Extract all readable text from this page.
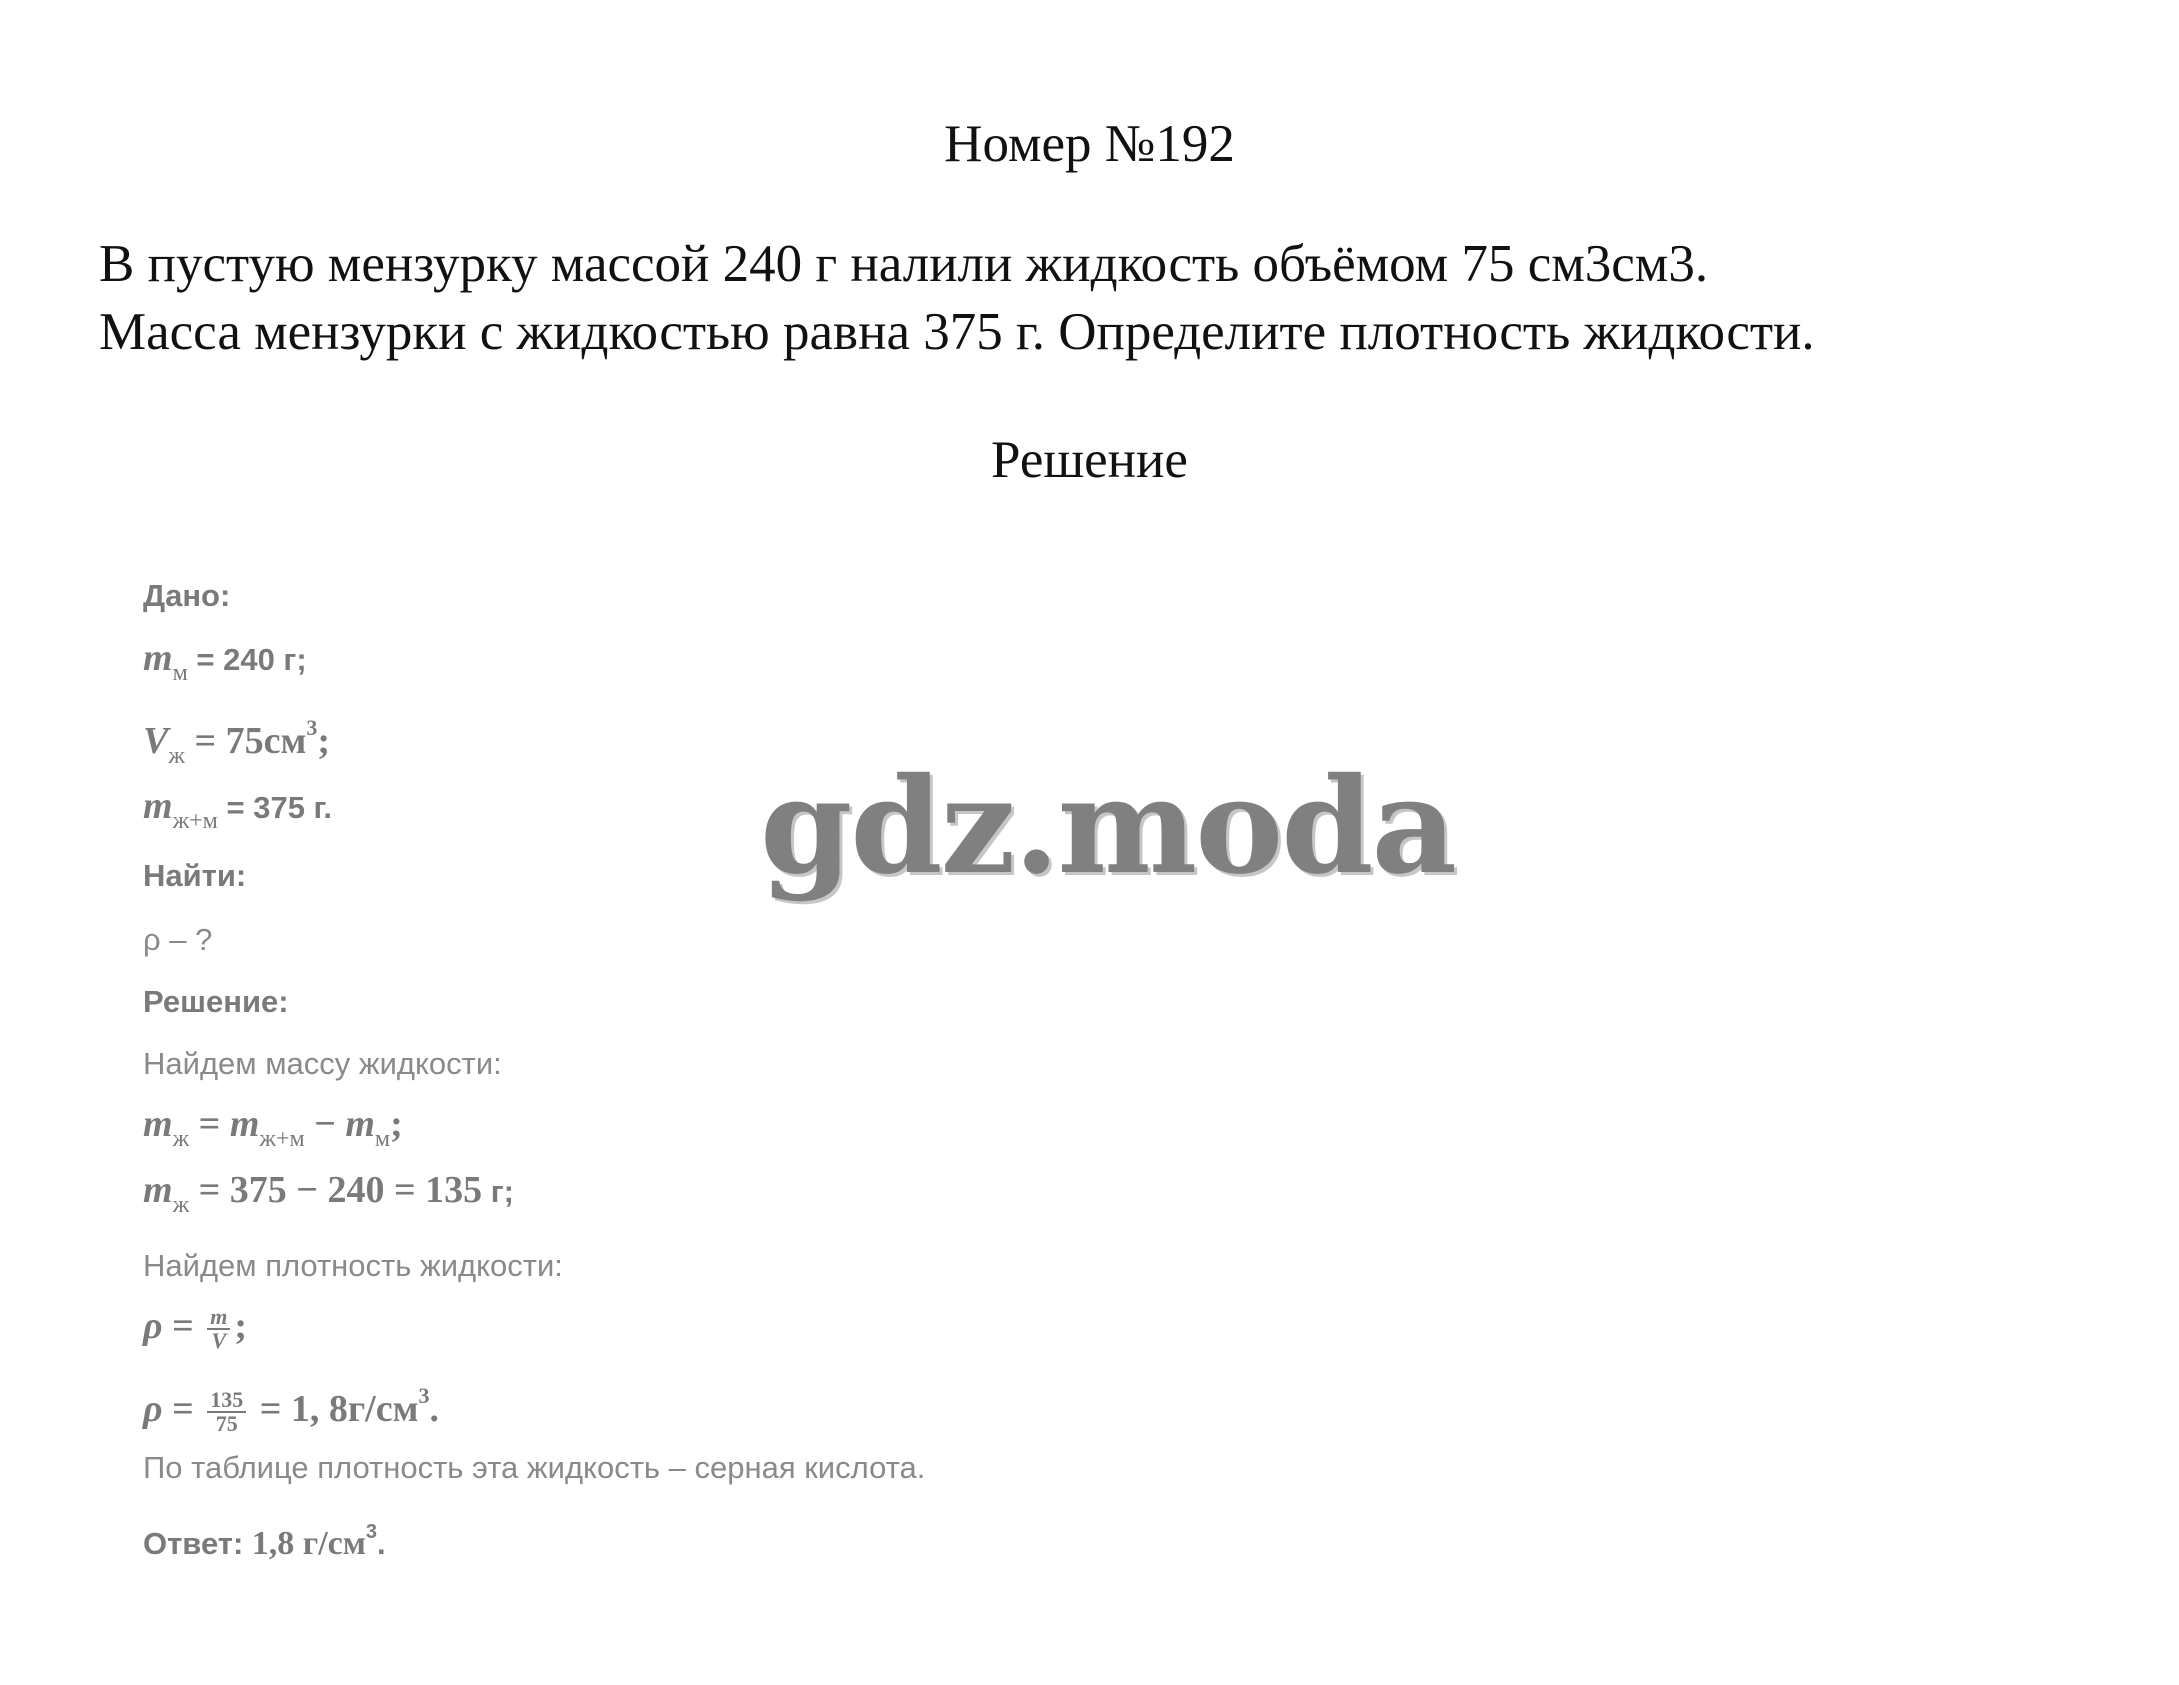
Номер №192
В пустую мензурку массой 240 г налили жидкость объёмом 75 см3см3.
Масса мензурки с жидкостью равна 375 г. Определите плотность жидкости.
Решение
Дано:
$m_м = 240$ г;
$V_ж = 75см^3$;
$m_{ж+м} = 375$ г.
Найти:
ρ – ?
Решение:
Найдем массу жидкости:
$m_ж = m_{ж+м} - m_м$;
$m_ж = 375 - 240 = 135$ г;
Найдем плотность жидкости:
$\rho = \frac{m}{V}$ ;
$\rho = \frac{135}{75} = 1$, $8г/см^3$.
По таблице плотность эта жидкость – серная кислота.
Ответ: 1,8 $г/см^3$.
gdz.moda
